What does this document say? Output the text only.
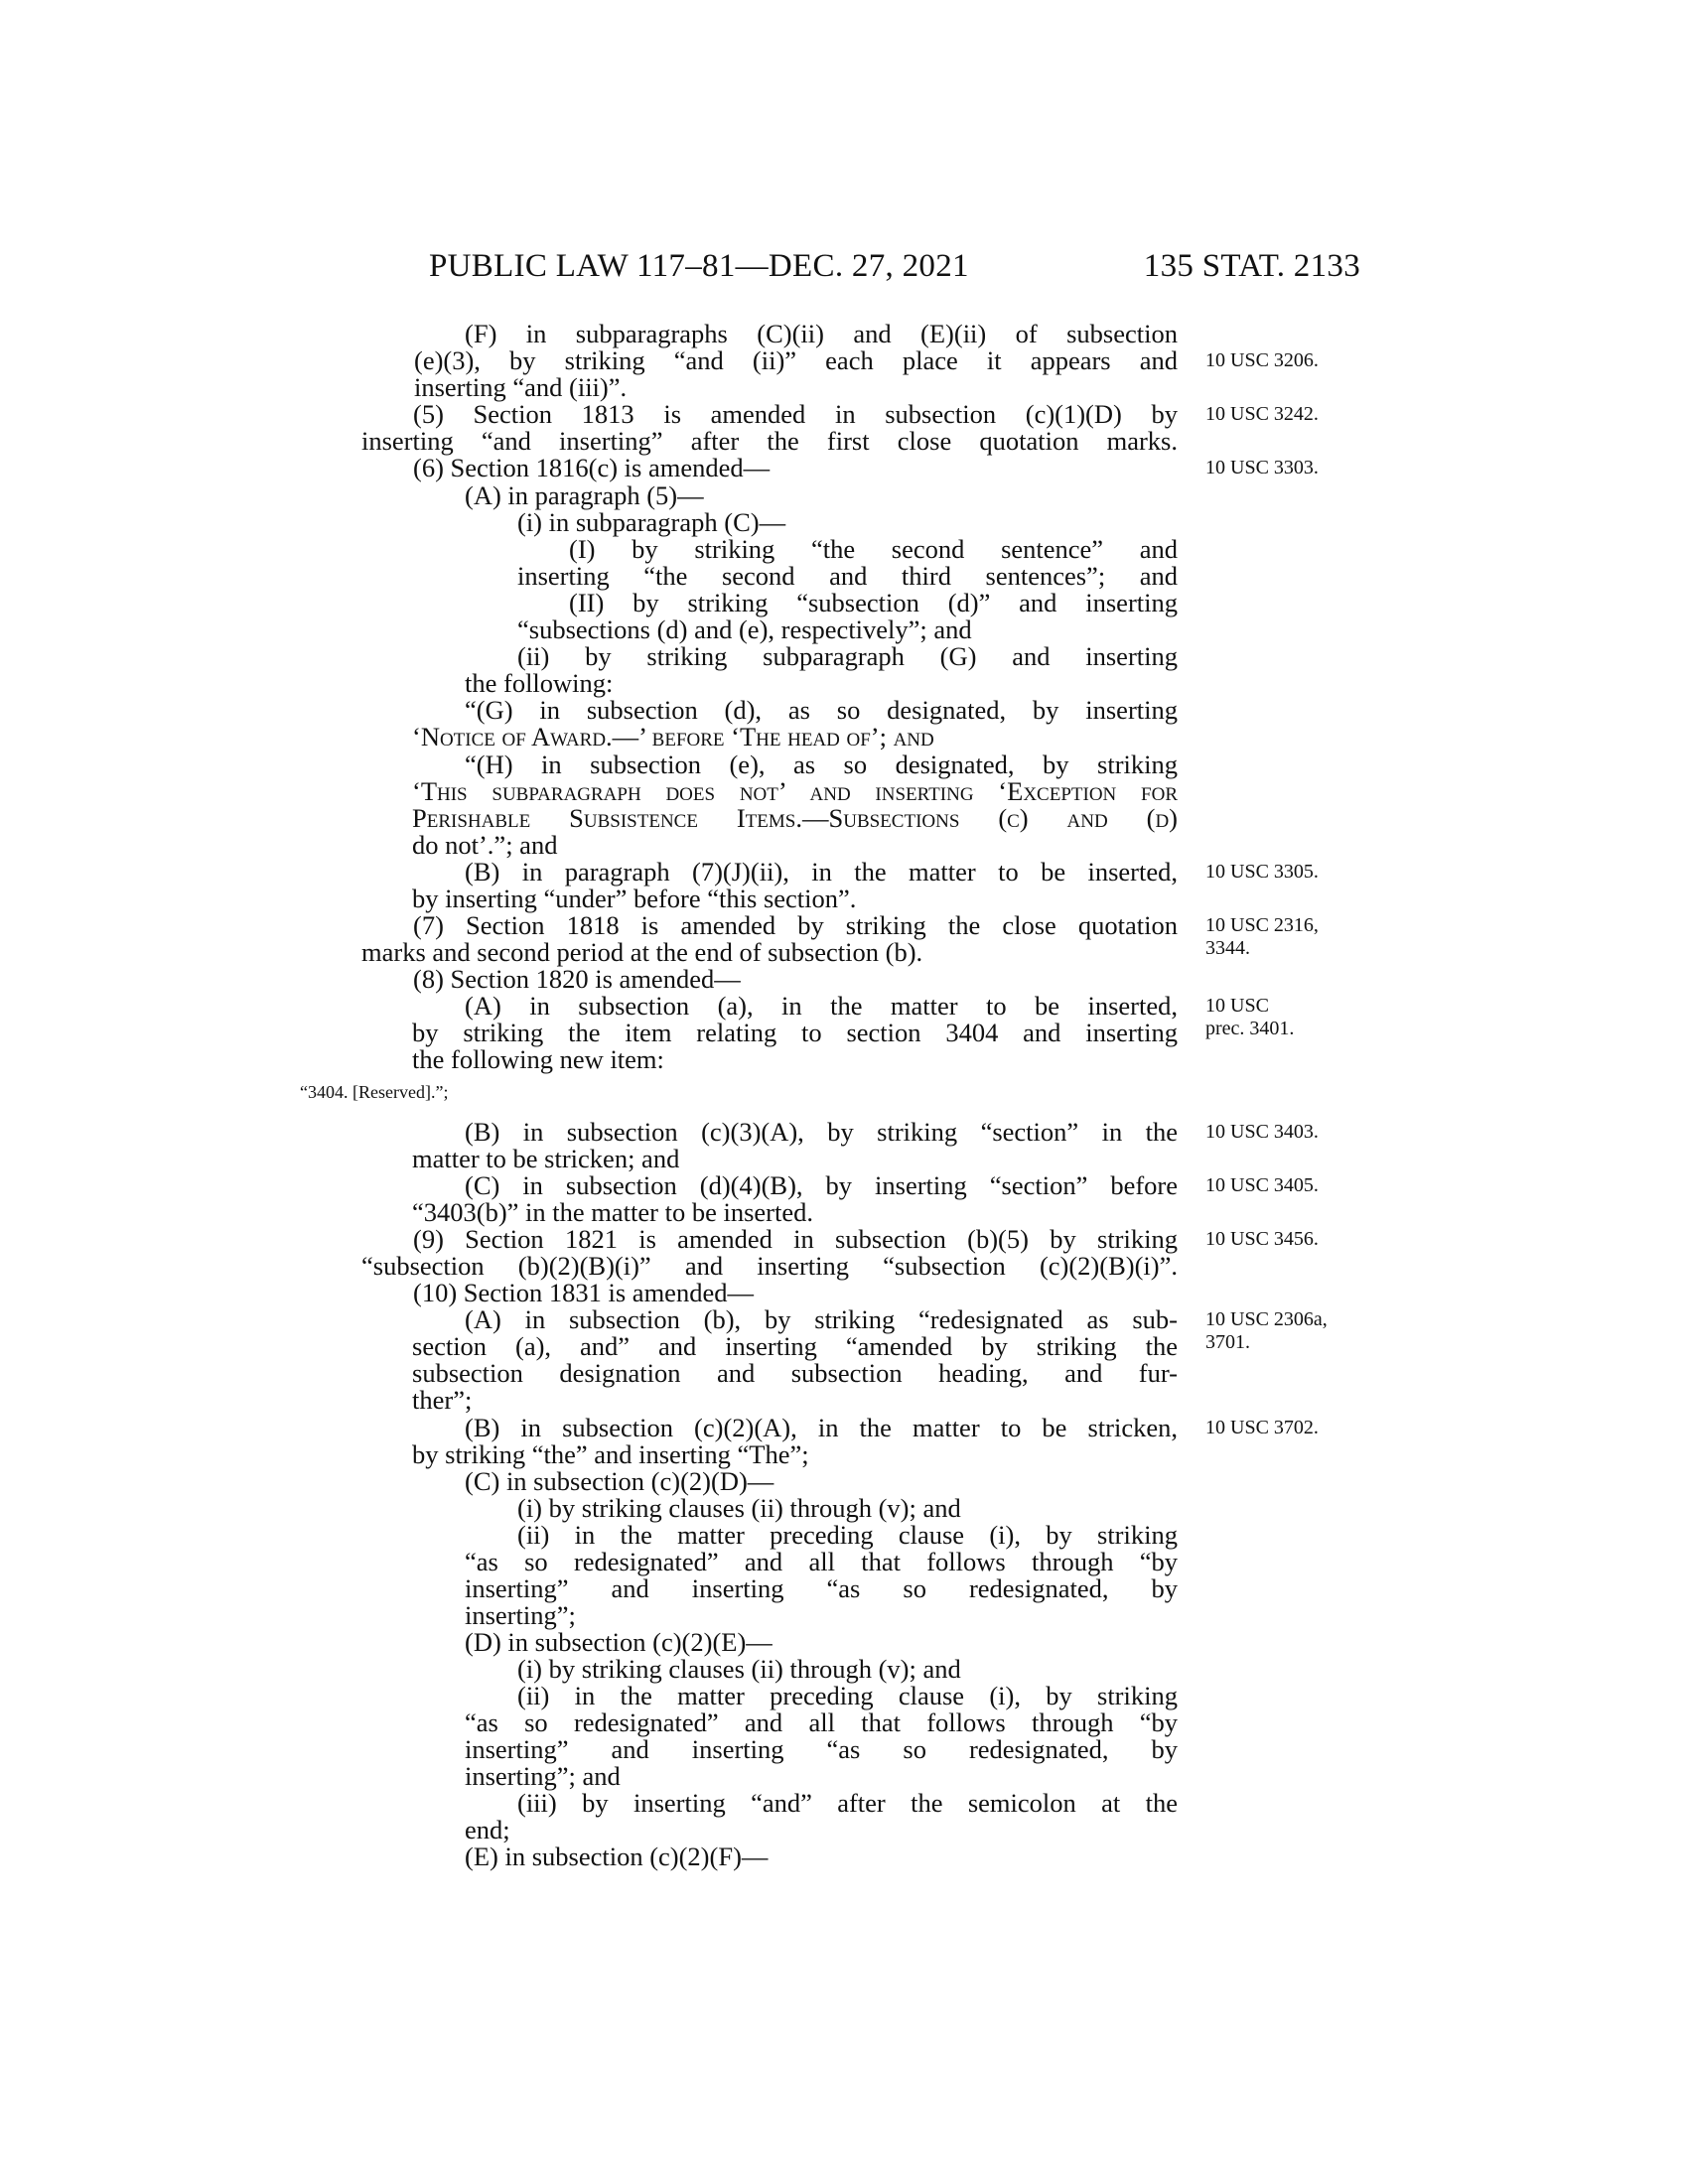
PUBLIC LAW 117–81—DEC. 27, 2021	135 STAT. 2133
(F) in subparagraphs (C)(ii) and (E)(ii) of subsection
(e)(3), by striking “and (ii)” each place it appears and
inserting “and (iii)”.
(5) Section 1813 is amended in subsection (c)(1)(D) by
inserting “and inserting” after the first close quotation marks.
(6) Section 1816(c) is amended—
(A) in paragraph (5)—
(i) in subparagraph (C)—
(I) by striking “the second sentence” and
inserting “the second and third sentences”; and
(II) by striking “subsection (d)” and inserting
“subsections (d) and (e), respectively”; and
(ii) by striking subparagraph (G) and inserting
the following:
“(G) in subsection (d), as so designated, by inserting
‘Notice of Award.—’ before ‘The head of’; and
“(H) in subsection (e), as so designated, by striking
‘This subparagraph does not’ and inserting ‘Exception for
Perishable Subsistence Items.—Subsections (c) and (d)
do not’.”; and
(B) in paragraph (7)(J)(ii), in the matter to be inserted,
by inserting “under” before “this section”.
(7) Section 1818 is amended by striking the close quotation
marks and second period at the end of subsection (b).
(8) Section 1820 is amended—
(A) in subsection (a), in the matter to be inserted,
by striking the item relating to section 3404 and inserting
the following new item:
“3404. [Reserved].”;
(B) in subsection (c)(3)(A), by striking “section” in the
matter to be stricken; and
(C) in subsection (d)(4)(B), by inserting “section” before
“3403(b)” in the matter to be inserted.
(9) Section 1821 is amended in subsection (b)(5) by striking
“subsection (b)(2)(B)(i)” and inserting “subsection (c)(2)(B)(i)”.
(10) Section 1831 is amended—
(A) in subsection (b), by striking “redesignated as sub-
section (a), and” and inserting “amended by striking the
subsection designation and subsection heading, and fur-
ther”;
(B) in subsection (c)(2)(A), in the matter to be stricken,
by striking “the” and inserting “The”;
(C) in subsection (c)(2)(D)—
(i) by striking clauses (ii) through (v); and
(ii) in the matter preceding clause (i), by striking
“as so redesignated” and all that follows through “by
inserting” and inserting “as so redesignated, by
inserting”;
(D) in subsection (c)(2)(E)—
(i) by striking clauses (ii) through (v); and
(ii) in the matter preceding clause (i), by striking
“as so redesignated” and all that follows through “by
inserting” and inserting “as so redesignated, by
inserting”; and
(iii) by inserting “and” after the semicolon at the
end;
(E) in subsection (c)(2)(F)—
10 USC 3206.
10 USC 3242.
10 USC 3303.
10 USC 3305.
10 USC 2316,
3344.
10 USC
prec. 3401.
10 USC 3403.
10 USC 3405.
10 USC 3456.
10 USC 2306a,
3701.
10 USC 3702.
